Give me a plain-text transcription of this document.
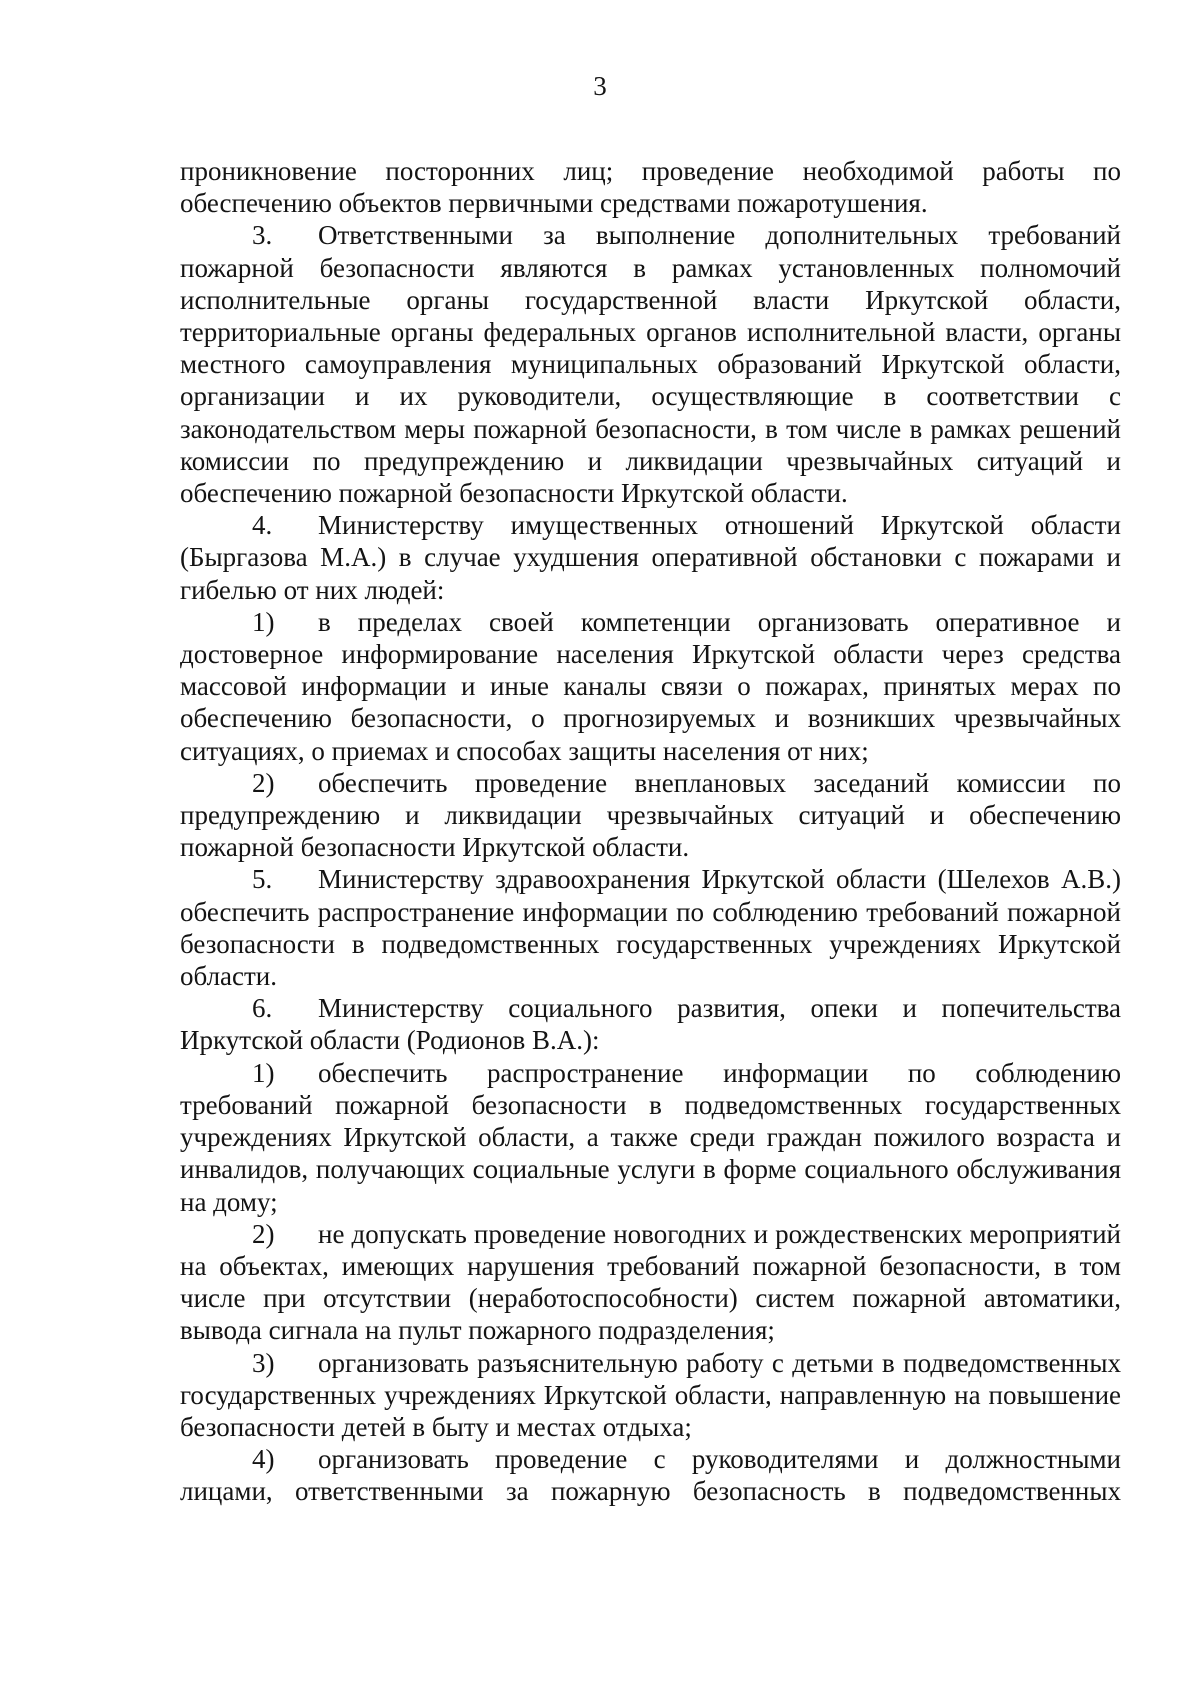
3

проникновение посторонних лиц; проведение необходимой работы по обеспечению объектов первичными средствами пожаротушения.

3. Ответственными за выполнение дополнительных требований пожарной безопасности являются в рамках установленных полномочий исполнительные органы государственной власти Иркутской области, территориальные органы федеральных органов исполнительной власти, органы местного самоуправления муниципальных образований Иркутской области, организации и их руководители, осуществляющие в соответствии с законодательством меры пожарной безопасности, в том числе в рамках решений комиссии по предупреждению и ликвидации чрезвычайных ситуаций и обеспечению пожарной безопасности Иркутской области.

4. Министерству имущественных отношений Иркутской области (Быргазова М.А.) в случае ухудшения оперативной обстановки с пожарами и гибелью от них людей:

1) в пределах своей компетенции организовать оперативное и достоверное информирование населения Иркутской области через средства массовой информации и иные каналы связи о пожарах, принятых мерах по обеспечению безопасности, о прогнозируемых и возникших чрезвычайных ситуациях, о приемах и способах защиты населения от них;

2) обеспечить проведение внеплановых заседаний комиссии по предупреждению и ликвидации чрезвычайных ситуаций и обеспечению пожарной безопасности Иркутской области.

5. Министерству здравоохранения Иркутской области (Шелехов А.В.) обеспечить распространение информации по соблюдению требований пожарной безопасности в подведомственных государственных учреждениях Иркутской области.

6. Министерству социального развития, опеки и попечительства Иркутской области (Родионов В.А.):

1) обеспечить распространение информации по соблюдению требований пожарной безопасности в подведомственных государственных учреждениях Иркутской области, а также среди граждан пожилого возраста и инвалидов, получающих социальные услуги в форме социального обслуживания на дому;

2) не допускать проведение новогодних и рождественских мероприятий на объектах, имеющих нарушения требований пожарной безопасности, в том числе при отсутствии (неработоспособности) систем пожарной автоматики, вывода сигнала на пульт пожарного подразделения;

3) организовать разъяснительную работу с детьми в подведомственных государственных учреждениях Иркутской области, направленную на повышение безопасности детей в быту и местах отдыха;

4) организовать проведение с руководителями и должностными лицами, ответственными за пожарную безопасность в подведомственных
